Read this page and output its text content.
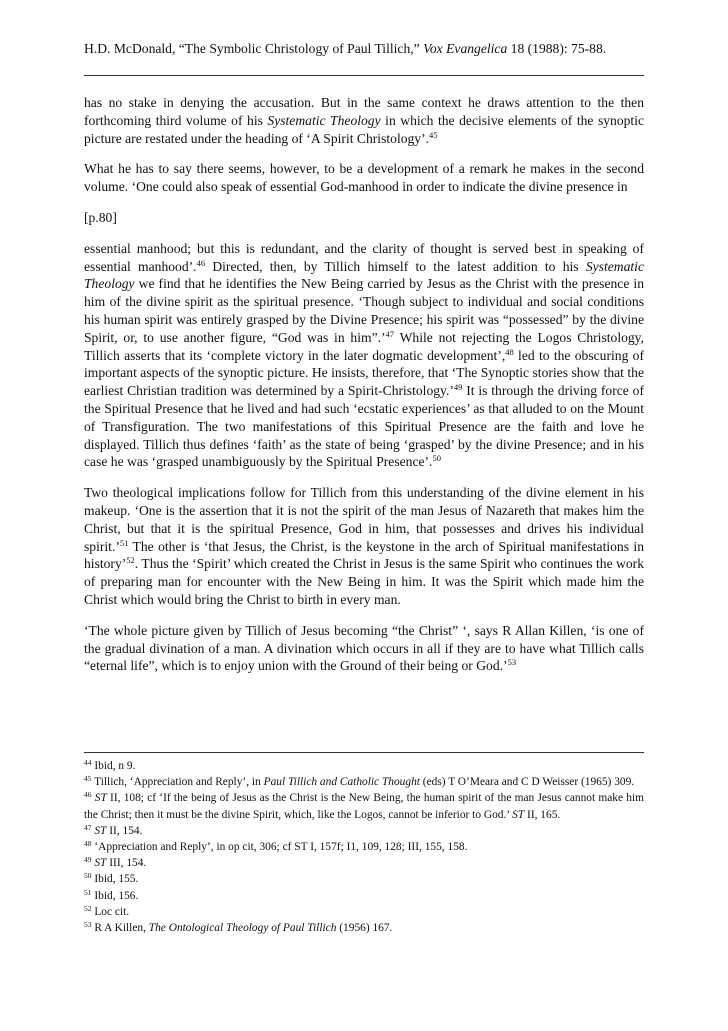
H.D. McDonald, “The Symbolic Christology of Paul Tillich,” Vox Evangelica 18 (1988): 75-88.

has no stake in denying the accusation. But in the same context he draws attention to the then forthcoming third volume of his Systematic Theology in which the decisive elements of the synoptic picture are restated under the heading of ‘A Spirit Christology’.$^{45}$

What he has to say there seems, however, to be a development of a remark he makes in the second volume. ‘One could also speak of essential God-manhood in order to indicate the divine presence in

[p.80]

essential manhood; but this is redundant, and the clarity of thought is served best in speaking of essential manhood’.$^{46}$ Directed, then, by Tillich himself to the latest addition to his Systematic Theology we find that he identifies the New Being carried by Jesus as the Christ with the presence in him of the divine spirit as the spiritual presence. ‘Though subject to individual and social conditions his human spirit was entirely grasped by the Divine Presence; his spirit was “possessed” by the divine Spirit, or, to use another figure, “God was in him”.’$^{47}$ While not rejecting the Logos Christology, Tillich asserts that its ‘complete victory in the later dogmatic development’,$^{48}$ led to the obscuring of important aspects of the synoptic picture. He insists, therefore, that ‘The Synoptic stories show that the earliest Christian tradition was determined by a Spirit-Christology.’$^{49}$ It is through the driving force of the Spiritual Presence that he lived and had such ‘ecstatic experiences’ as that alluded to on the Mount of Transfiguration. The two manifestations of this Spiritual Presence are the faith and love he displayed. Tillich thus defines ‘faith’ as the state of being ‘grasped’ by the divine Presence; and in his case he was ‘grasped unambiguously by the Spiritual Presence’.$^{50}$

Two theological implications follow for Tillich from this understanding of the divine element in his makeup. ‘One is the assertion that it is not the spirit of the man Jesus of Nazareth that makes him the Christ, but that it is the spiritual Presence, God in him, that possesses and drives his individual spirit.’$^{51}$ The other is ‘that Jesus, the Christ, is the keystone in the arch of Spiritual manifestations in history’$^{52}$. Thus the ‘Spirit’ which created the Christ in Jesus is the same Spirit who continues the work of preparing man for encounter with the New Being in him. It was the Spirit which made him the Christ which would bring the Christ to birth in every man.

‘The whole picture given by Tillich of Jesus becoming “the Christ” ‘, says R Allan Killen, ‘is one of the gradual divination of a man. A divination which occurs in all if they are to have what Tillich calls “eternal life”, which is to enjoy union with the Ground of their being or God.’$^{53}$

$^{44}$ Ibid, n 9.
$^{45}$ Tillich, ‘Appreciation and Reply’, in Paul Tillich and Catholic Thought (eds) T O’Meara and C D Weisser (1965) 309.
$^{46}$ ST II, 108; cf ‘If the being of Jesus as the Christ is the New Being, the human spirit of the man Jesus cannot make him the Christ; then it must be the divine Spirit, which, like the Logos, cannot be inferior to God.’ ST II, 165.
$^{47}$ ST II, 154.
$^{48}$ ‘Appreciation and Reply’, in op cit, 306; cf ST I, 157f; I1, 109, 128; III, 155, 158.
$^{49}$ ST III, 154.
$^{50}$ Ibid, 155.
$^{51}$ Ibid, 156.
$^{52}$ Loc cit.
$^{53}$ R A Killen, The Ontological Theology of Paul Tillich (1956) 167.
